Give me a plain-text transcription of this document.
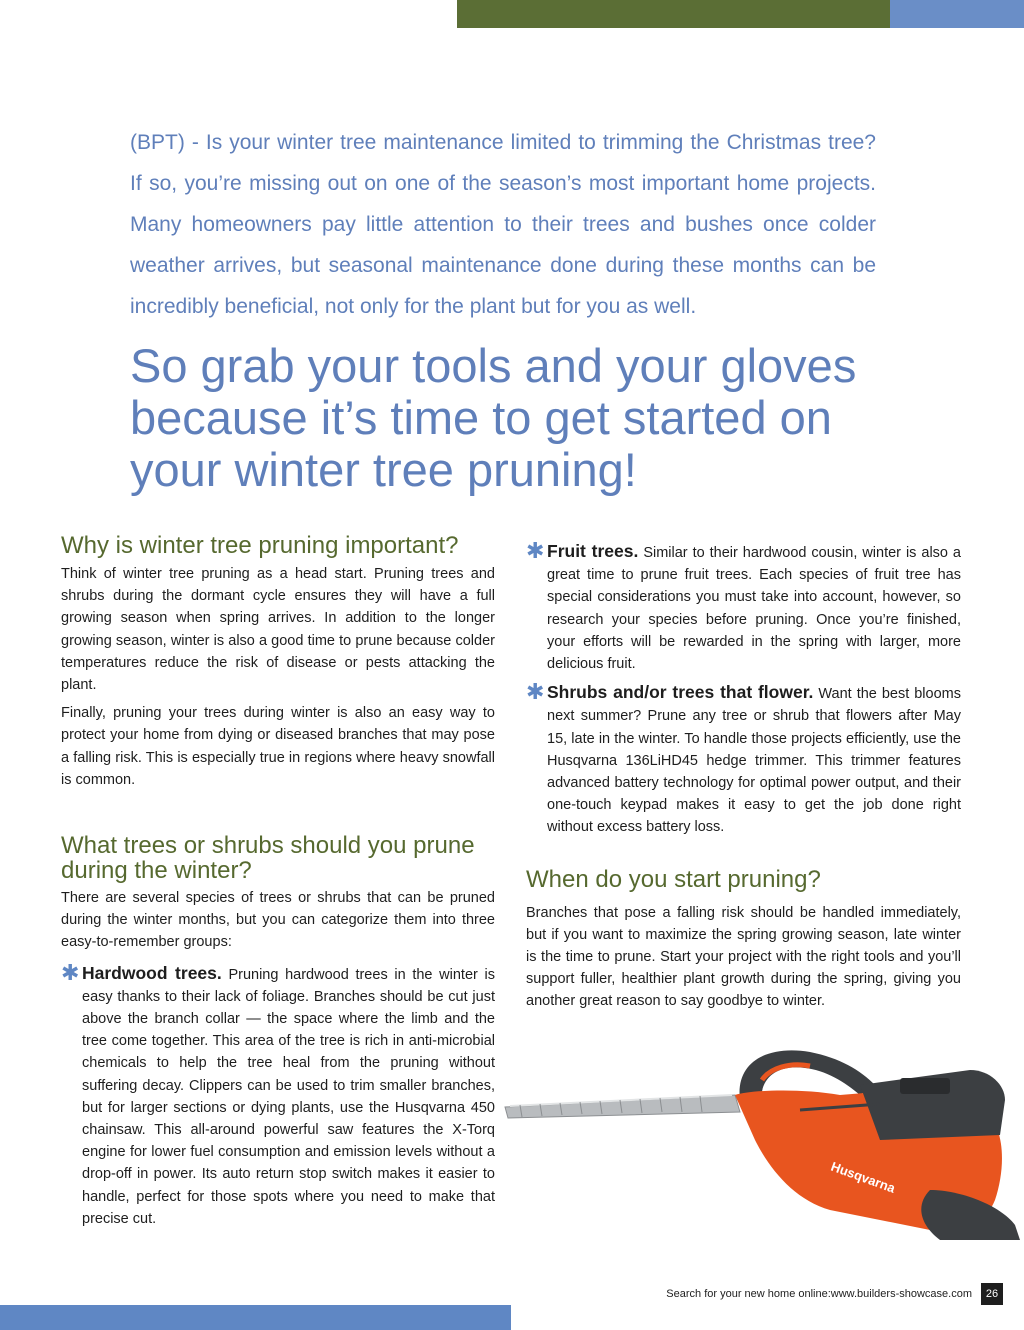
(BPT) - Is your winter tree maintenance limited to trimming the Christmas tree? If so, you’re missing out on one of the season’s most important home projects. Many homeowners pay little attention to their trees and bushes once colder weather arrives, but seasonal maintenance done during these months can be incredibly beneficial, not only for the plant but for you as well.

So grab your tools and your gloves because it’s time to get started on your winter tree pruning!
Why is winter tree pruning important?

Think of winter tree pruning as a head start. Pruning trees and shrubs during the dormant cycle ensures they will have a full growing season when spring arrives. In addition to the longer growing season, winter is also a good time to prune because colder temperatures reduce the risk of disease or pests attacking the plant.

Finally, pruning your trees during winter is also an easy way to protect your home from dying or diseased branches that may pose a falling risk. This is especially true in regions where heavy snowfall is common.

What trees or shrubs should you prune during the winter?

There are several species of trees or shrubs that can be pruned during the winter months, but you can categorize them into three easy-to-remember groups:

✱ Hardwood trees. Pruning hardwood trees in the winter is easy thanks to their lack of foliage. Branches should be cut just above the branch collar — the space where the limb and the tree come together. This area of the tree is rich in anti-microbial chemicals to help the tree heal from the pruning without suffering decay. Clippers can be used to trim smaller branches, but for larger sections or dying plants, use the Husqvarna 450 chainsaw. This all-around powerful saw features the X-Torq engine for lower fuel consumption and emission levels without a drop-off in power. Its auto return stop switch makes it easier to handle, perfect for those spots where you need to make that precise cut.
✱ Fruit trees. Similar to their hardwood cousin, winter is also a great time to prune fruit trees. Each species of fruit tree has special considerations you must take into account, however, so research your species before pruning. Once you’re finished, your efforts will be rewarded in the spring with larger, more delicious fruit.
✱ Shrubs and/or trees that flower. Want the best blooms next summer? Prune any tree or shrub that flowers after May 15, late in the winter. To handle those projects efficiently, use the Husqvarna 136LiHD45 hedge trimmer. This trimmer features advanced battery technology for optimal power output, and their one-touch keypad makes it easy to get the job done right without excess battery loss.
When do you start pruning?

Branches that pose a falling risk should be handled immediately, but if you want to maximize the spring growing season, late winter is the time to prune. Start your project with the right tools and you’ll support fuller, healthier plant growth during the spring, giving you another great reason to say goodbye to winter.

Husqvarna
Search for your new home online:www.builders-showcase.com	26
